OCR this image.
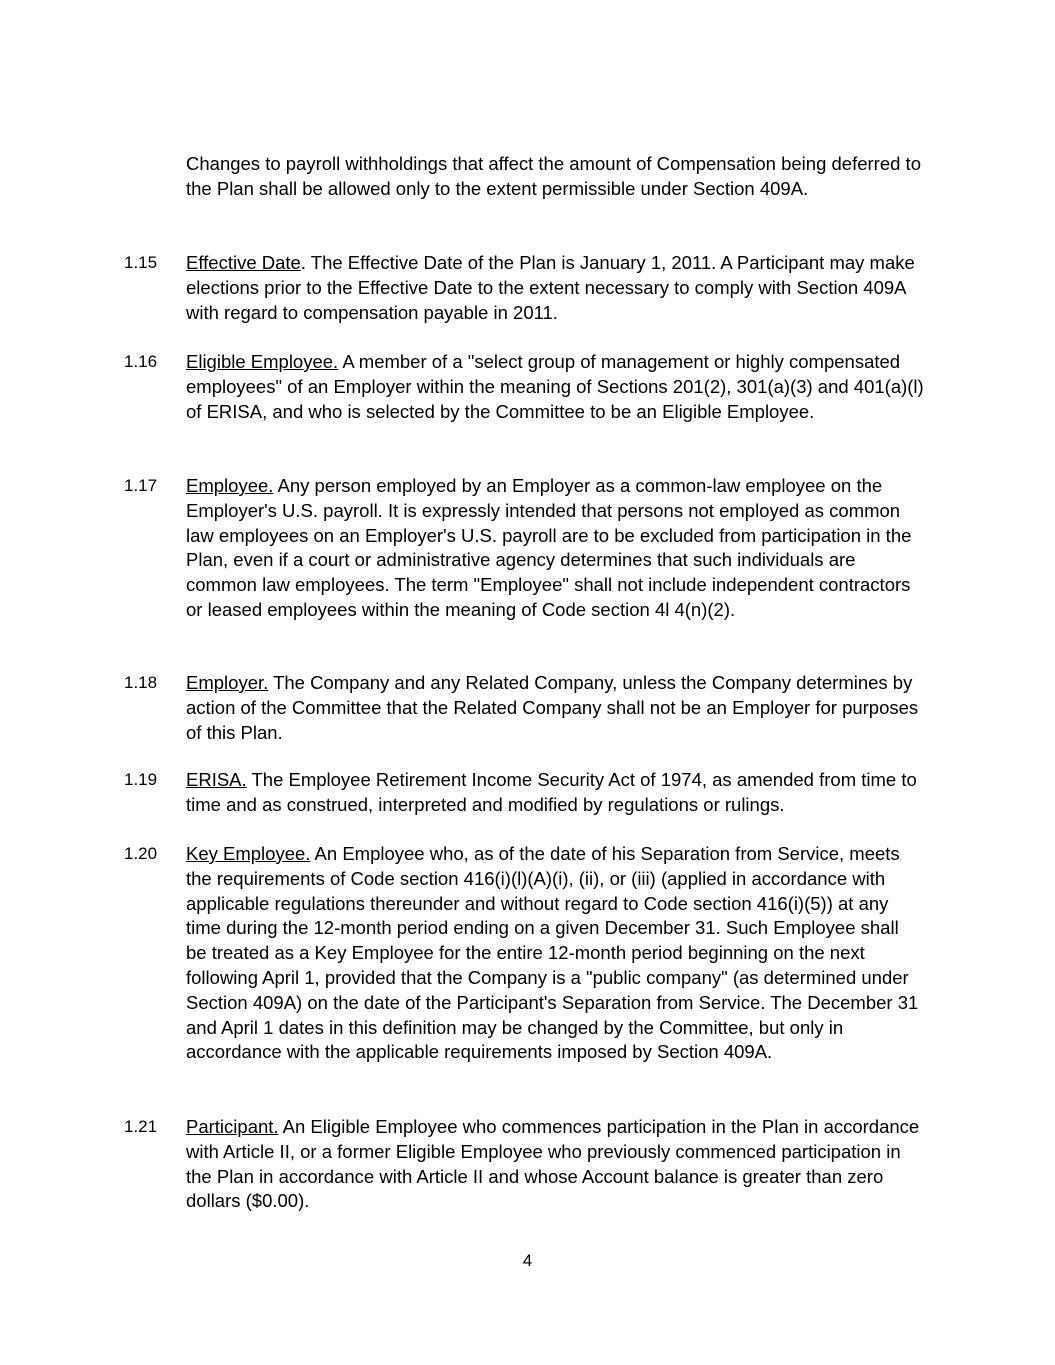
Changes to payroll withholdings that affect the amount of Compensation being deferred to the Plan shall be allowed only to the extent permissible under Section 409A.

1.15	Effective Date. The Effective Date of the Plan is January 1, 2011. A Participant may make elections prior to the Effective Date to the extent necessary to comply with Section 409A with regard to compensation payable in 2011.

1.16	Eligible Employee. A member of a "select group of management or highly compensated employees" of an Employer within the meaning of Sections 201(2), 301(a)(3) and 401(a)(l) of ERISA, and who is selected by the Committee to be an Eligible Employee.

1.17	Employee. Any person employed by an Employer as a common-law employee on the Employer's U.S. payroll. It is expressly intended that persons not employed as common law employees on an Employer's U.S. payroll are to be excluded from participation in the Plan, even if a court or administrative agency determines that such individuals are common law employees. The term "Employee" shall not include independent contractors or leased employees within the meaning of Code section 4l 4(n)(2).

1.18	Employer. The Company and any Related Company, unless the Company determines by action of the Committee that the Related Company shall not be an Employer for purposes of this Plan.

1.19	ERISA. The Employee Retirement Income Security Act of 1974, as amended from time to time and as construed, interpreted and modified by regulations or rulings.

1.20	Key Employee. An Employee who, as of the date of his Separation from Service, meets the requirements of Code section 416(i)(l)(A)(i), (ii), or (iii) (applied in accordance with applicable regulations thereunder and without regard to Code section 416(i)(5)) at any time during the 12-month period ending on a given December 31. Such Employee shall be treated as a Key Employee for the entire 12-month period beginning on the next following April 1, provided that the Company is a "public company" (as determined under Section 409A) on the date of the Participant's Separation from Service. The December 31 and April 1 dates in this definition may be changed by the Committee, but only in accordance with the applicable requirements imposed by Section 409A.

1.21	Participant. An Eligible Employee who commences participation in the Plan in accordance with Article II, or a former Eligible Employee who previously commenced participation in the Plan in accordance with Article II and whose Account balance is greater than zero dollars ($0.00).

4
